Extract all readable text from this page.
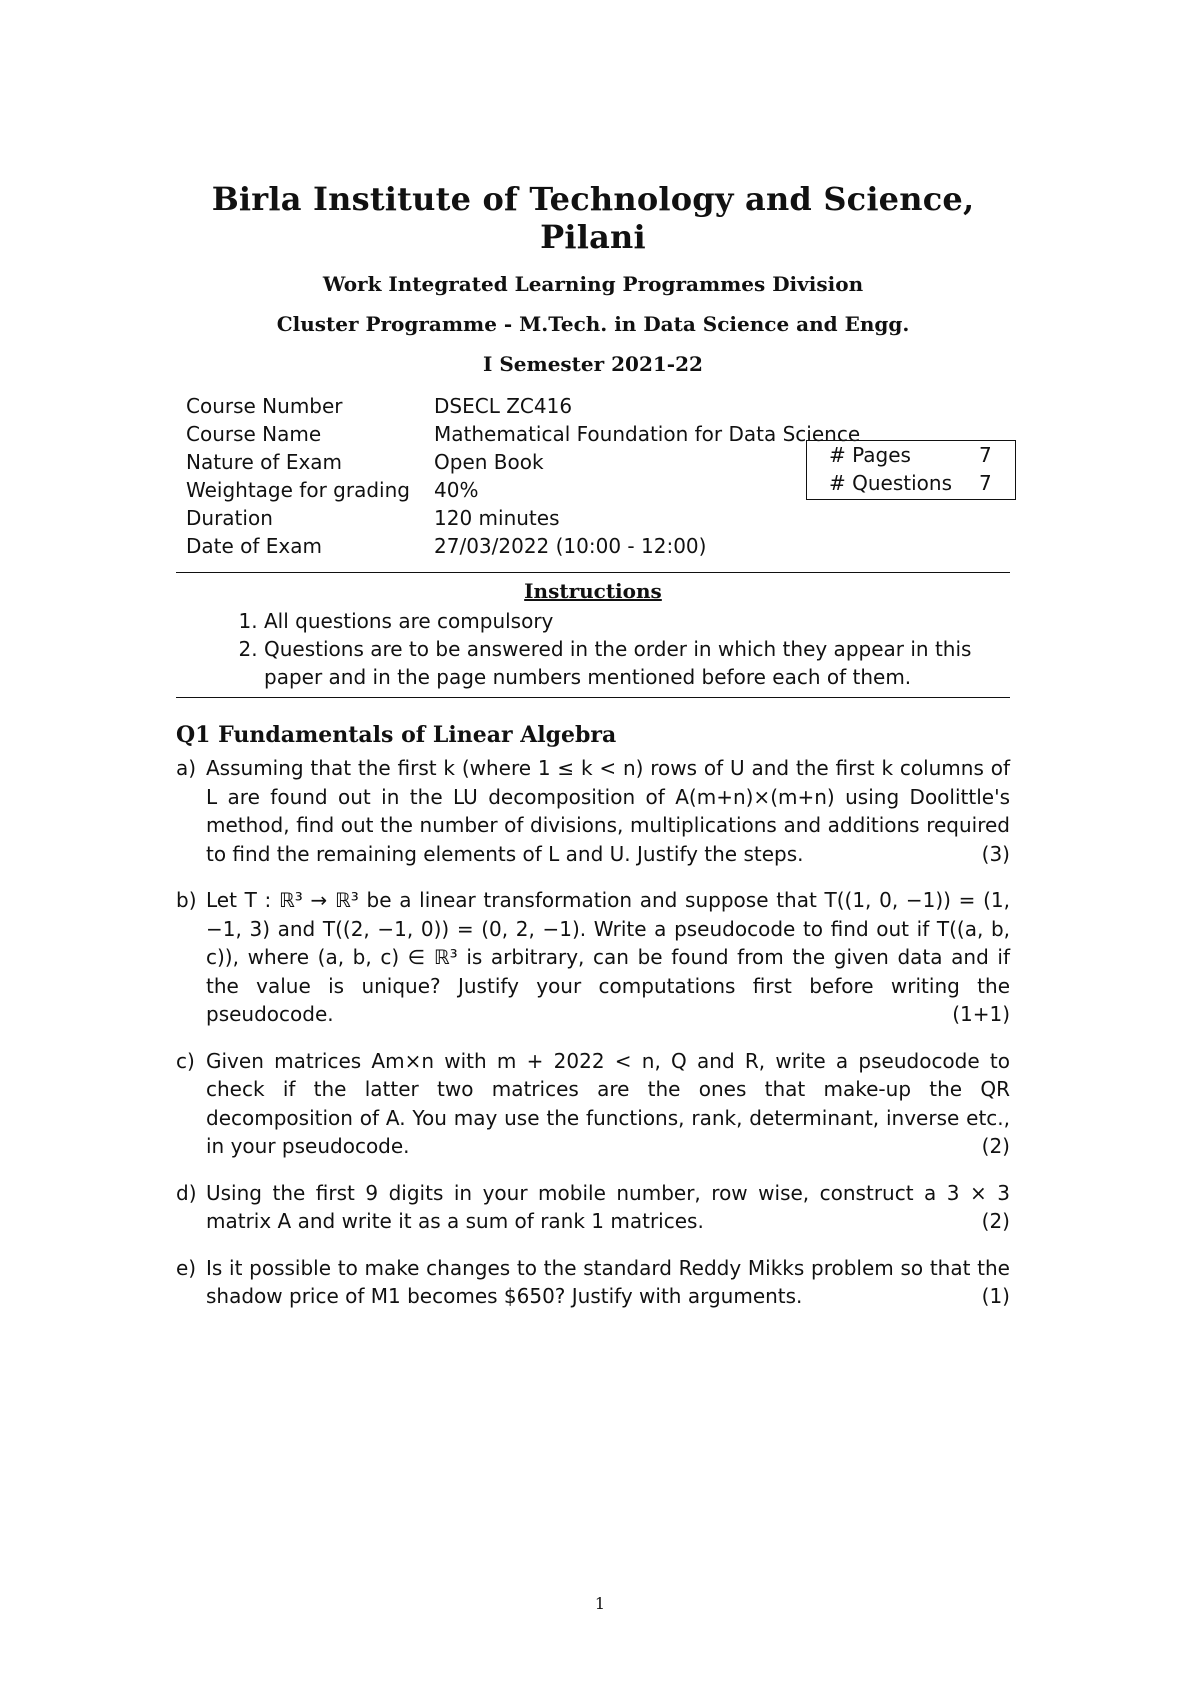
Birla Institute of Technology and Science, Pilani
Work Integrated Learning Programmes Division
Cluster Programme - M.Tech. in Data Science and Engg.
I Semester 2021-22
Course Number	DSECL ZC416
Course Name	Mathematical Foundation for Data Science
Nature of Exam	Open Book
Weightage for grading	40%
Duration	120 minutes
Date of Exam	27/03/2022 (10:00 - 12:00)
# Pages	7
# Questions	7
Instructions
1. All questions are compulsory
2. Questions are to be answered in the order in which they appear in this paper and in the page numbers mentioned before each of them.
Q1 Fundamentals of Linear Algebra
a) Assuming that the first k (where 1 ≤ k < n) rows of U and the first k columns of L are found out in the LU decomposition of A(m+n)×(m+n) using Doolittle's method, find out the number of divisions, multiplications and additions required to find the remaining elements of L and U. Justify the steps.	(3)
b) Let T : ℝ³ → ℝ³ be a linear transformation and suppose that T((1, 0, −1)) = (1, −1, 3) and T((2, −1, 0)) = (0, 2, −1). Write a pseudocode to find out if T((a, b, c)), where (a, b, c) ∈ ℝ³ is arbitrary, can be found from the given data and if the value is unique? Justify your computations first before writing the pseudocode.	(1+1)
c) Given matrices Am×n with m + 2022 < n, Q and R, write a pseudocode to check if the latter two matrices are the ones that make-up the QR decomposition of A. You may use the functions, rank, determinant, inverse etc., in your pseudocode.	(2)
d) Using the first 9 digits in your mobile number, row wise, construct a 3 × 3 matrix A and write it as a sum of rank 1 matrices.	(2)
e) Is it possible to make changes to the standard Reddy Mikks problem so that the shadow price of M1 becomes $650? Justify with arguments.	(1)
1
